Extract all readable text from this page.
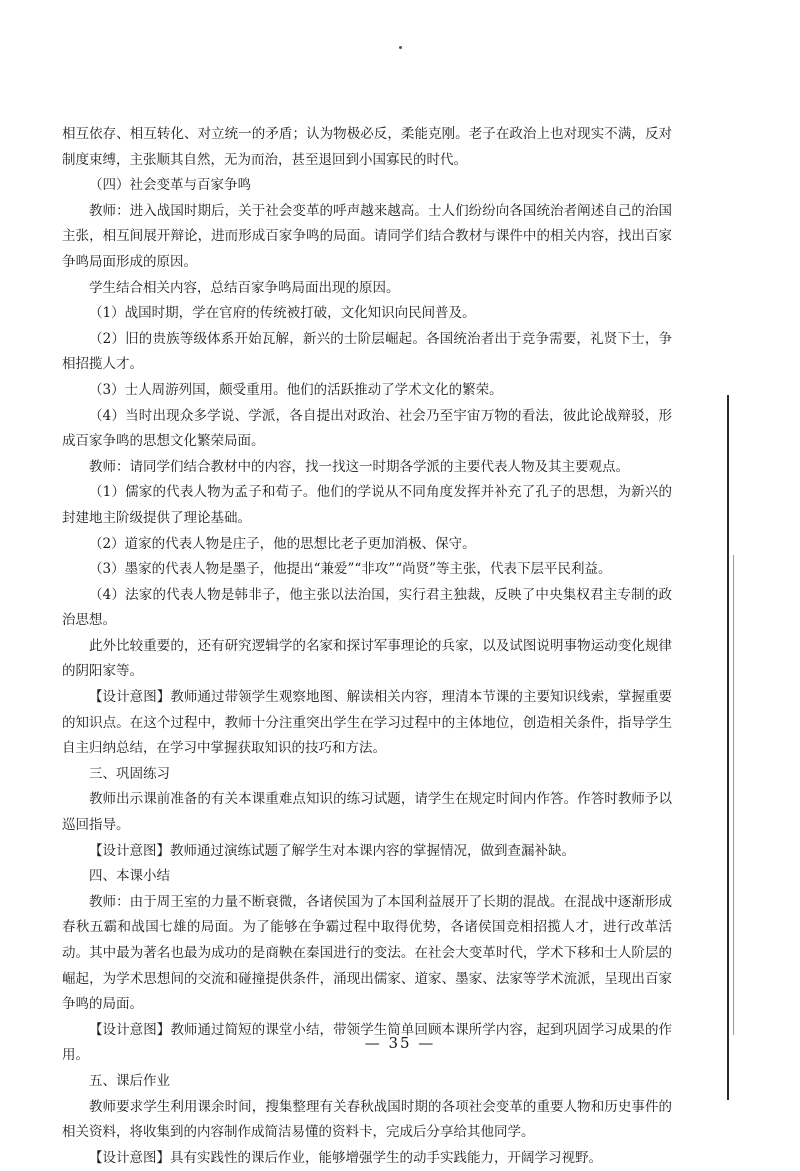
相互依存、相互转化、对立统一的矛盾；认为物极必反，柔能克刚。老子在政治上也对现实不满，反对制度束缚，主张顺其自然，无为而治，甚至退回到小国寡民的时代。

（四）社会变革与百家争鸣

教师：进入战国时期后，关于社会变革的呼声越来越高。士人们纷纷向各国统治者阐述自己的治国主张，相互间展开辩论，进而形成百家争鸣的局面。请同学们结合教材与课件中的相关内容，找出百家争鸣局面形成的原因。

学生结合相关内容，总结百家争鸣局面出现的原因。

（1）战国时期，学在官府的传统被打破，文化知识向民间普及。

（2）旧的贵族等级体系开始瓦解，新兴的士阶层崛起。各国统治者出于竞争需要，礼贤下士，争相招揽人才。

（3）士人周游列国，颇受重用。他们的活跃推动了学术文化的繁荣。

（4）当时出现众多学说、学派，各自提出对政治、社会乃至宇宙万物的看法，彼此论战辩驳，形成百家争鸣的思想文化繁荣局面。

教师：请同学们结合教材中的内容，找一找这一时期各学派的主要代表人物及其主要观点。

（1）儒家的代表人物为孟子和荀子。他们的学说从不同角度发挥并补充了孔子的思想，为新兴的封建地主阶级提供了理论基础。

（2）道家的代表人物是庄子，他的思想比老子更加消极、保守。

（3）墨家的代表人物是墨子，他提出“兼爱”“非攻”“尚贤”等主张，代表下层平民利益。

（4）法家的代表人物是韩非子，他主张以法治国，实行君主独裁，反映了中央集权君主专制的政治思想。

此外比较重要的，还有研究逻辑学的名家和探讨军事理论的兵家，以及试图说明事物运动变化规律的阴阳家等。

【设计意图】教师通过带领学生观察地图、解读相关内容，理清本节课的主要知识线索，掌握重要的知识点。在这个过程中，教师十分注重突出学生在学习过程中的主体地位，创造相关条件，指导学生自主归纳总结，在学习中掌握获取知识的技巧和方法。

三、巩固练习

教师出示课前准备的有关本课重难点知识的练习试题，请学生在规定时间内作答。作答时教师予以巡回指导。

【设计意图】教师通过演练试题了解学生对本课内容的掌握情况，做到查漏补缺。

四、本课小结

教师：由于周王室的力量不断衰微，各诸侯国为了本国利益展开了长期的混战。在混战中逐渐形成春秋五霸和战国七雄的局面。为了能够在争霸过程中取得优势，各诸侯国竞相招揽人才，进行改革活动。其中最为著名也最为成功的是商鞅在秦国进行的变法。在社会大变革时代，学术下移和士人阶层的崛起，为学术思想间的交流和碰撞提供条件，涌现出儒家、道家、墨家、法家等学术流派，呈现出百家争鸣的局面。

【设计意图】教师通过简短的课堂小结，带领学生简单回顾本课所学内容，起到巩固学习成果的作用。

五、课后作业

教师要求学生利用课余时间，搜集整理有关春秋战国时期的各项社会变革的重要人物和历史事件的相关资料，将收集到的内容制作成简洁易懂的资料卡，完成后分享给其他同学。

【设计意图】具有实践性的课后作业，能够增强学生的动手实践能力，开阔学习视野。

— 35 —
